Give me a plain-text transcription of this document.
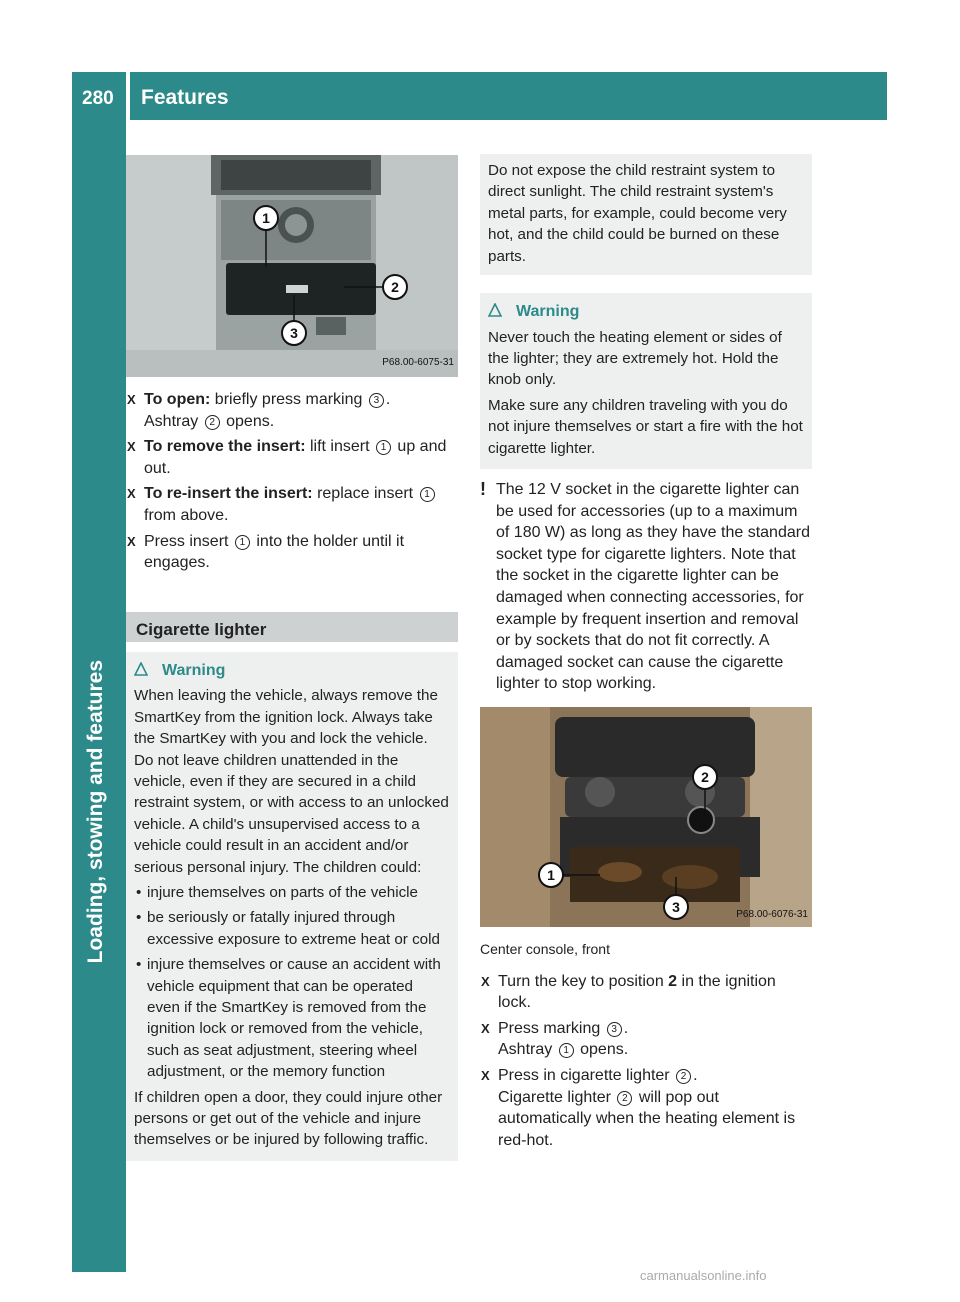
280 Features
Loading, stowing and features
1
2
3
P68.00-6075-31
X To open: briefly press marking 3 .
Ashtray 2 opens.
X To remove the insert: lift insert 1 up and out.
X To re-insert the insert: replace insert 1 from above.
X Press insert 1 into the holder until it engages.
Cigarette lighter
Warning
When leaving the vehicle, always remove the SmartKey from the ignition lock. Always take the SmartKey with you and lock the vehicle. Do not leave children unattended in the vehicle, even if they are secured in a child restraint system, or with access to an unlocked vehicle. A child's unsupervised access to a vehicle could result in an accident and/or serious personal injury. The children could:
• injure themselves on parts of the vehicle
• be seriously or fatally injured through excessive exposure to extreme heat or cold
• injure themselves or cause an accident with vehicle equipment that can be operated even if the SmartKey is removed from the ignition lock or removed from the vehicle, such as seat adjustment, steering wheel adjustment, or the memory function
If children open a door, they could injure other persons or get out of the vehicle and injure themselves or be injured by following traffic.
Do not expose the child restraint system to direct sunlight. The child restraint system's metal parts, for example, could become very hot, and the child could be burned on these parts.
Warning
Never touch the heating element or sides of the lighter; they are extremely hot. Hold the knob only.
Make sure any children traveling with you do not injure themselves or start a fire with the hot cigarette lighter.
! The 12 V socket in the cigarette lighter can be used for accessories (up to a maximum of 180 W) as long as they have the standard socket type for cigarette lighters. Note that the socket in the cigarette lighter can be damaged when connecting accessories, for example by frequent insertion and removal or by sockets that do not fit correctly. A damaged socket can cause the cigarette lighter to stop working.
2
1
3	P68.00-6076-31
Center console, front
X Turn the key to position 2 in the ignition lock.
X Press marking 3 .
Ashtray 1 opens.
X Press in cigarette lighter 2 .
Cigarette lighter 2 will pop out automatically when the heating element is red-hot.
carmanualsonline.info
